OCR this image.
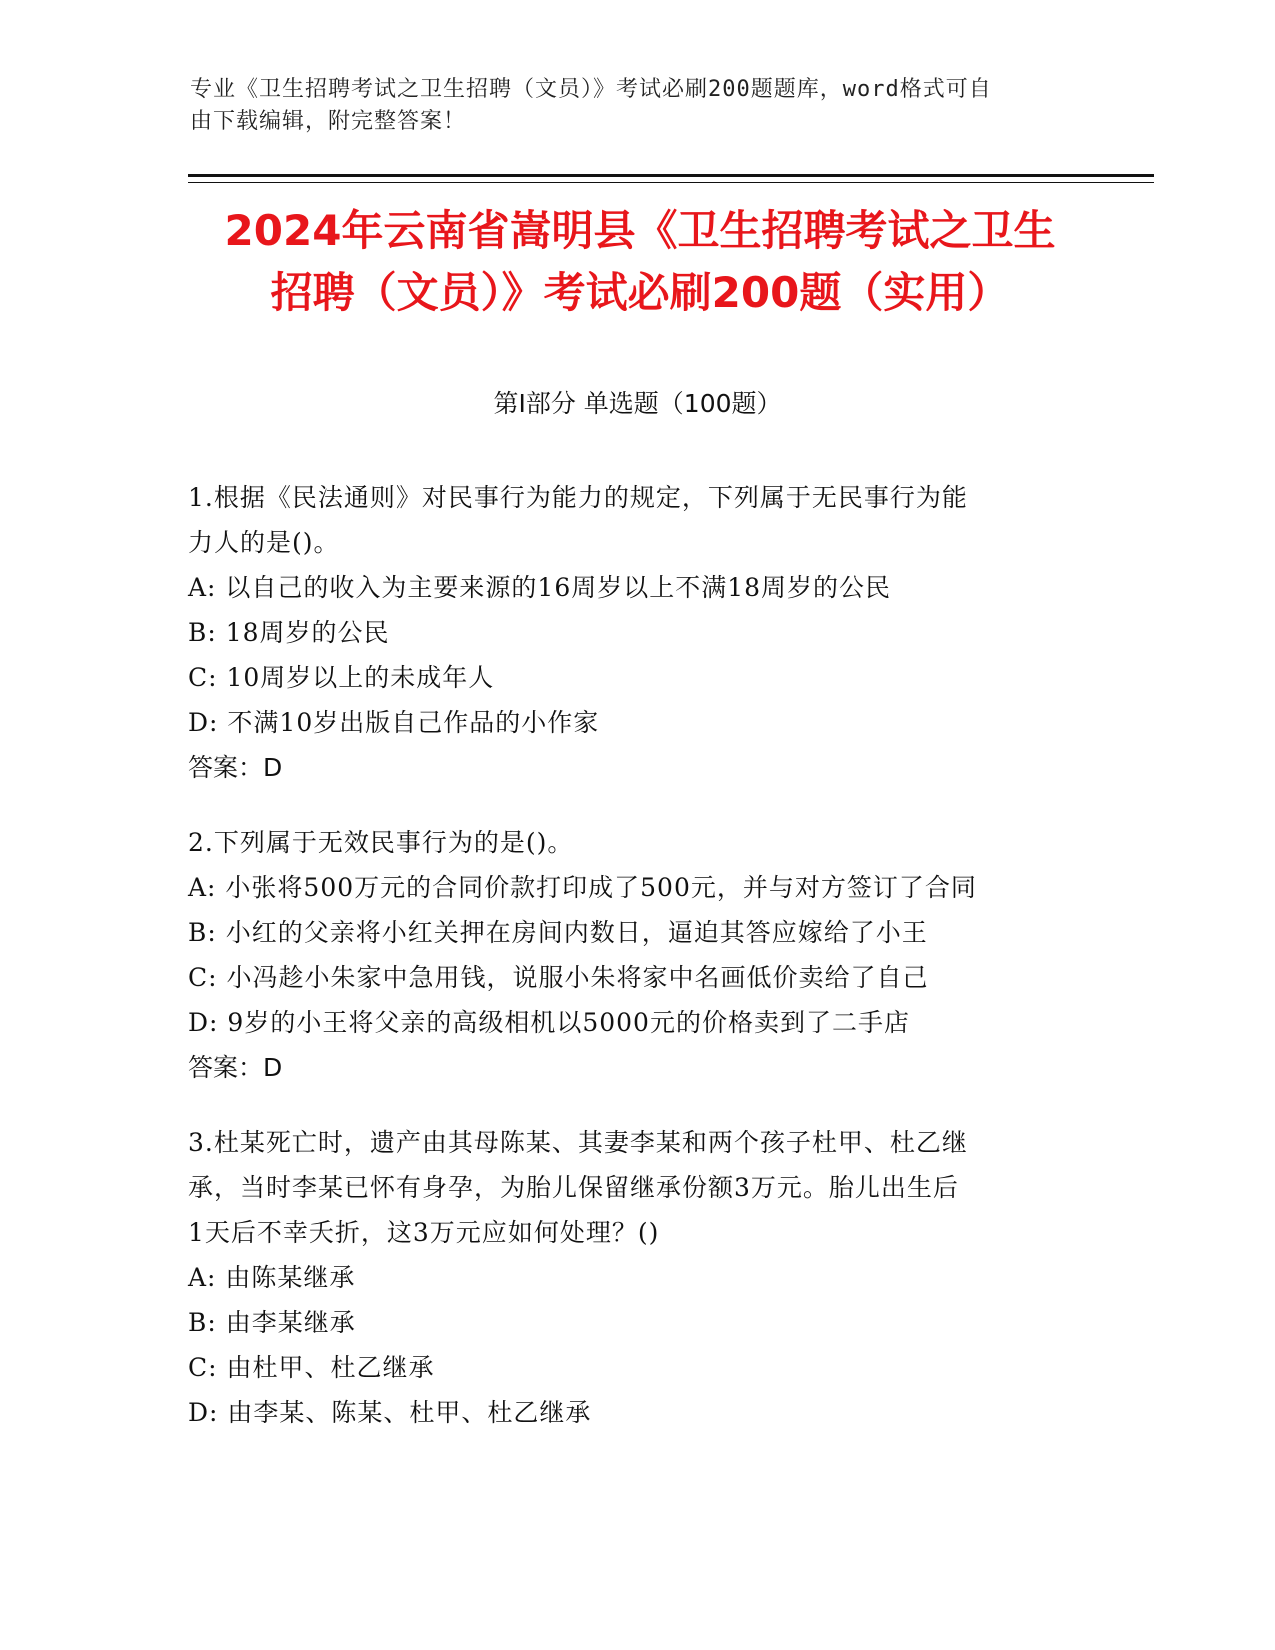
专业《卫生招聘考试之卫生招聘（文员）》考试必刷200题题库，word格式可自
由下载编辑，附完整答案！
2024年云南省嵩明县《卫生招聘考试之卫生
招聘（文员）》考试必刷200题（实用）
第Ⅰ部分 单选题（100题）
1.根据《民法通则》对民事行为能力的规定，下列属于无民事行为能
力人的是()。
A: 以自己的收入为主要来源的16周岁以上不满18周岁的公民
B: 18周岁的公民
C: 10周岁以上的未成年人
D: 不满10岁出版自己作品的小作家
答案：D
2.下列属于无效民事行为的是()。
A: 小张将500万元的合同价款打印成了500元，并与对方签订了合同
B: 小红的父亲将小红关押在房间内数日，逼迫其答应嫁给了小王
C: 小冯趁小朱家中急用钱，说服小朱将家中名画低价卖给了自己
D: 9岁的小王将父亲的高级相机以5000元的价格卖到了二手店
答案：D
3.杜某死亡时，遗产由其母陈某、其妻李某和两个孩子杜甲、杜乙继
承，当时李某已怀有身孕，为胎儿保留继承份额3万元。胎儿出生后
1天后不幸夭折，这3万元应如何处理？()
A: 由陈某继承
B: 由李某继承
C: 由杜甲、杜乙继承
D: 由李某、陈某、杜甲、杜乙继承
